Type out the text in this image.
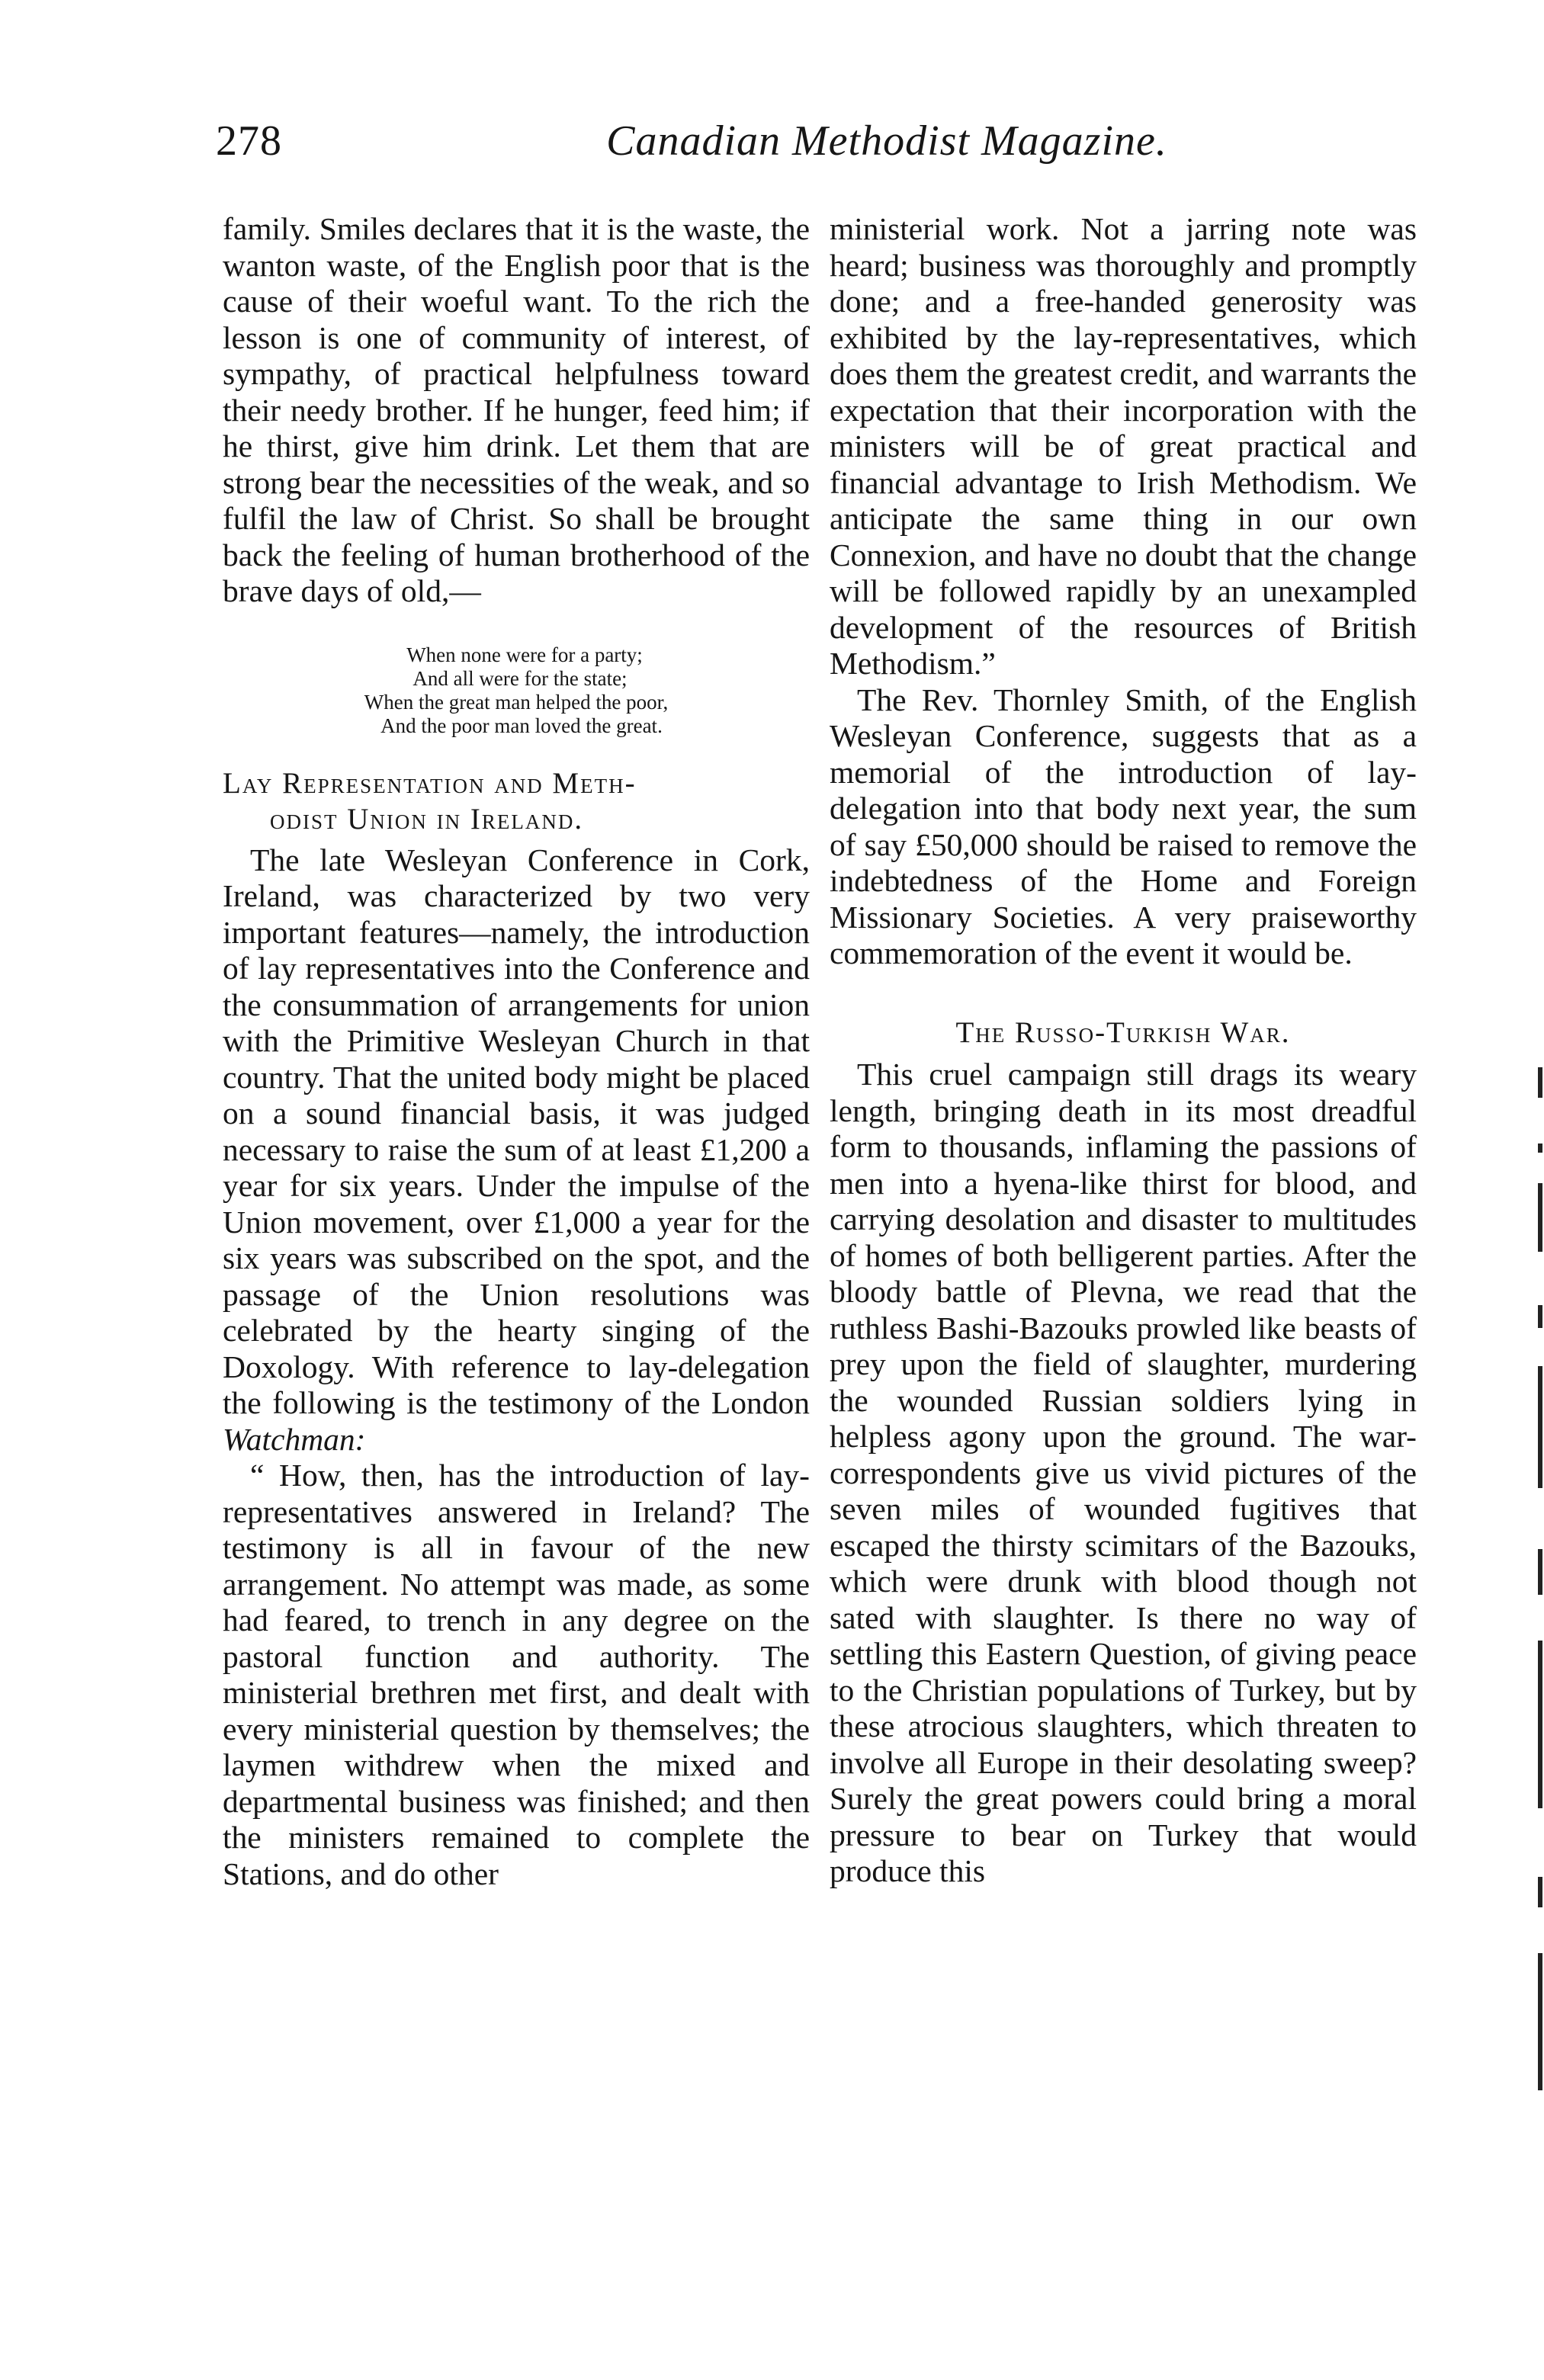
278	Canadian Methodist Magazine.

family. Smiles declares that it is the waste, the wanton waste, of the English poor that is the cause of their woeful want. To the rich the lesson is one of community of interest, of sympathy, of practical helpfulness toward their needy brother. If he hunger, feed him; if he thirst, give him drink. Let them that are strong bear the necessities of the weak, and so fulfil the law of Christ. So shall be brought back the feeling of human brotherhood of the brave days of old,—

When none were for a party;
And all were for the state;
When the great man helped the poor,
And the poor man loved the great.
Lay Representation and Meth-
odist Union in Ireland.

The late Wesleyan Conference in Cork, Ireland, was characterized by two very important features—namely, the introduction of lay representatives into the Conference and the consummation of arrangements for union with the Primitive Wesleyan Church in that country. That the united body might be placed on a sound financial basis, it was judged necessary to raise the sum of at least £1,200 a year for six years. Under the impulse of the Union movement, over £1,000 a year for the six years was subscribed on the spot, and the passage of the Union resolutions was celebrated by the hearty singing of the Doxology. With reference to lay-delegation the following is the testimony of the London Watchman:

“ How, then, has the introduction of lay-representatives answered in Ireland? The testimony is all in favour of the new arrangement. No attempt was made, as some had feared, to trench in any degree on the pastoral function and authority. The ministerial brethren met first, and dealt with every ministerial question by themselves; the laymen withdrew when the mixed and departmental business was finished; and then the ministers remained to complete the Stations, and do other

ministerial work. Not a jarring note was heard; business was thoroughly and promptly done; and a free-handed generosity was exhibited by the lay-representatives, which does them the greatest credit, and warrants the expectation that their incorporation with the ministers will be of great practical and financial advantage to Irish Methodism. We anticipate the same thing in our own Connexion, and have no doubt that the change will be followed rapidly by an unexampled development of the resources of British Methodism.”

The Rev. Thornley Smith, of the English Wesleyan Conference, suggests that as a memorial of the introduction of lay-delegation into that body next year, the sum of say £50,000 should be raised to remove the indebtedness of the Home and Foreign Missionary Societies. A very praiseworthy commemoration of the event it would be.

The Russo-Turkish War.

This cruel campaign still drags its weary length, bringing death in its most dreadful form to thousands, inflaming the passions of men into a hyena-like thirst for blood, and carrying desolation and disaster to multitudes of homes of both belligerent parties. After the bloody battle of Plevna, we read that the ruthless Bashi-Bazouks prowled like beasts of prey upon the field of slaughter, murdering the wounded Russian soldiers lying in helpless agony upon the ground. The war-correspondents give us vivid pictures of the seven miles of wounded fugitives that escaped the thirsty scimitars of the Bazouks, which were drunk with blood though not sated with slaughter. Is there no way of settling this Eastern Question, of giving peace to the Christian populations of Turkey, but by these atrocious slaughters, which threaten to involve all Europe in their desolating sweep? Surely the great powers could bring a moral pressure to bear on Turkey that would produce this
